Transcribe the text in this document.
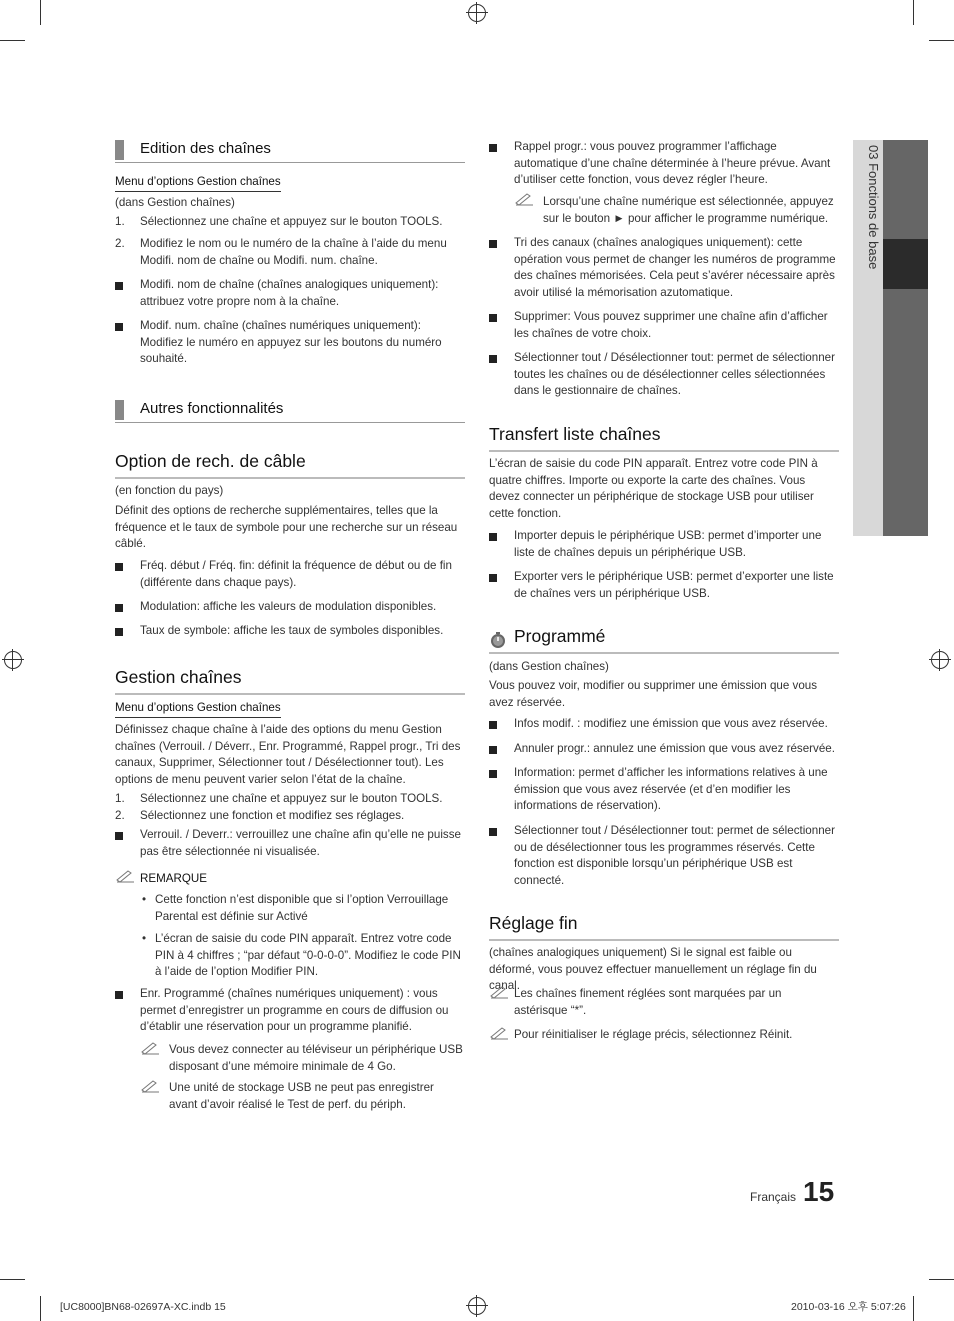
03 Fonctions de base
Edition des chaînes
Menu d’options Gestion chaînes
(dans Gestion chaînes)
1. Sélectionnez une chaîne et appuyez sur le bouton TOOLS.
2. Modifiez le nom ou le numéro de la chaîne à l’aide du menu Modifi. nom de chaîne ou Modifi. num. chaîne.
Modifi. nom de chaîne (chaînes analogiques uniquement): attribuez votre propre nom à la chaîne.
Modif. num. chaîne (chaînes numériques uniquement): Modifiez le numéro en appuyez sur les boutons du numéro souhaité.
Autres fonctionnalités
Option de rech. de câble
(en fonction du pays)
Définit des options de recherche supplémentaires, telles que la fréquence et le taux de symbole pour une recherche sur un réseau câblé.
Fréq. début / Fréq. fin: définit la fréquence de début ou de fin (différente dans chaque pays).
Modulation: affiche les valeurs de modulation disponibles.
Taux de symbole: affiche les taux de symboles disponibles.
Gestion chaînes
Menu d’options Gestion chaînes
Définissez chaque chaîne à l’aide des options du menu Gestion chaînes (Verrouil. / Déverr., Enr. Programmé, Rappel progr., Tri des canaux, Supprimer, Sélectionner tout / Désélectionner tout). Les options de menu peuvent varier selon l’état de la chaîne.
1. Sélectionnez une chaîne et appuyez sur le bouton TOOLS.
2. Sélectionnez une fonction et modifiez ses réglages.
Verrouil. / Deverr.: verrouillez une chaîne afin qu’elle ne puisse pas être sélectionnée ni visualisée.
REMARQUE
• Cette fonction n’est disponible que si l’option Verrouillage Parental est définie sur Activé
• L’écran de saisie du code PIN apparaît. Entrez votre code PIN à 4 chiffres ; “par défaut “0-0-0-0”. Modifiez le code PIN à l’aide de l’option Modifier PIN.
Enr. Programmé (chaînes numériques uniquement) : vous permet d’enregistrer un programme en cours de diffusion ou d’établir une réservation pour un programme planifié.
Vous devez connecter au téléviseur un périphérique USB disposant d’une mémoire minimale de 4 Go.
Une unité de stockage USB ne peut pas enregistrer avant d’avoir réalisé le Test de perf. du périph.
Rappel progr.: vous pouvez programmer l’affichage automatique d’une chaîne déterminée à l’heure prévue. Avant d’utiliser cette fonction, vous devez régler l’heure.
Lorsqu’une chaîne numérique est sélectionnée, appuyez sur le bouton ► pour afficher le programme numérique.
Tri des canaux (chaînes analogiques uniquement): cette opération vous permet de changer les numéros de programme des chaînes mémorisées. Cela peut s’avérer nécessaire après avoir utilisé la mémorisation azutomatique.
Supprimer: Vous pouvez supprimer une chaîne afin d’afficher les chaînes de votre choix.
Sélectionner tout / Désélectionner tout: permet de sélectionner toutes les chaînes ou de désélectionner celles sélectionnées dans le gestionnaire de chaînes.
Transfert liste chaînes
L’écran de saisie du code PIN apparaît. Entrez votre code PIN à quatre chiffres. Importe ou exporte la carte des chaînes. Vous devez connecter un périphérique de stockage USB pour utiliser cette fonction.
Importer depuis le périphérique USB: permet d’importer une liste de chaînes depuis un périphérique USB.
Exporter vers le périphérique USB: permet d’exporter une liste de chaînes vers un périphérique USB.
Programmé
(dans Gestion chaînes)
Vous pouvez voir, modifier ou supprimer une émission que vous avez réservée.
Infos modif. : modifiez une émission que vous avez réservée.
Annuler progr.: annulez une émission que vous avez réservée.
Information: permet d’afficher les informations relatives à une émission que vous avez réservée (et d’en modifier les informations de réservation).
Sélectionner tout / Désélectionner tout: permet de sélectionner ou de désélectionner tous les programmes réservés. Cette fonction est disponible lorsqu’un périphérique USB est connecté.
Réglage fin
(chaînes analogiques uniquement) Si le signal est faible ou déformé, vous pouvez effectuer manuellement un réglage fin du canal.
Les chaînes finement réglées sont marquées par un astérisque “*”.
Pour réinitialiser le réglage précis, sélectionnez Réinit.
Français 15
[UC8000]BN68-02697A-XC.indb 15	2010-03-16 오후 5:07:26
